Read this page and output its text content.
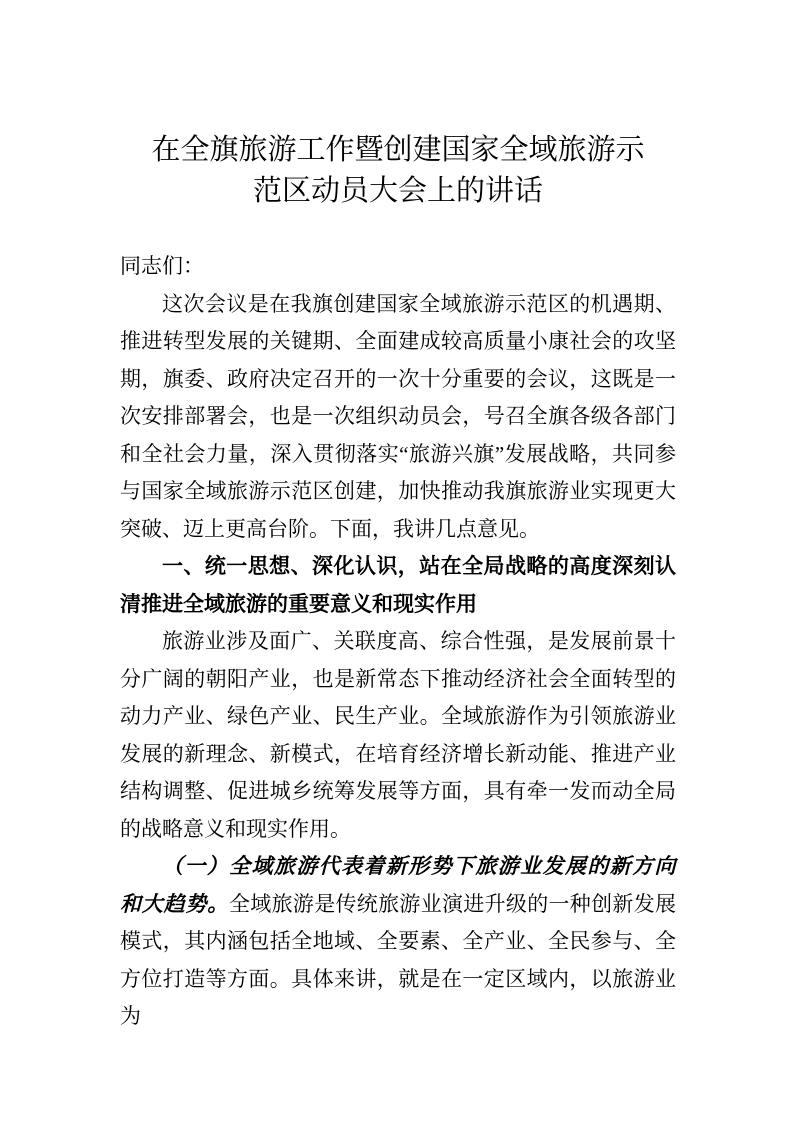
在全旗旅游工作暨创建国家全域旅游示范区动员大会上的讲话

同志们：

这次会议是在我旗创建国家全域旅游示范区的机遇期、推进转型发展的关键期、全面建成较高质量小康社会的攻坚期，旗委、政府决定召开的一次十分重要的会议，这既是一次安排部署会，也是一次组织动员会，号召全旗各级各部门和全社会力量，深入贯彻落实“旅游兴旗”发展战略，共同参与国家全域旅游示范区创建，加快推动我旗旅游业实现更大突破、迈上更高台阶。下面，我讲几点意见。

一、统一思想、深化认识，站在全局战略的高度深刻认清推进全域旅游的重要意义和现实作用

旅游业涉及面广、关联度高、综合性强，是发展前景十分广阔的朝阳产业，也是新常态下推动经济社会全面转型的动力产业、绿色产业、民生产业。全域旅游作为引领旅游业发展的新理念、新模式，在培育经济增长新动能、推进产业结构调整、促进城乡统筹发展等方面，具有牵一发而动全局的战略意义和现实作用。

（一）全域旅游代表着新形势下旅游业发展的新方向和大趋势。全域旅游是传统旅游业演进升级的一种创新发展模式，其内涵包括全地域、全要素、全产业、全民参与、全方位打造等方面。具体来讲，就是在一定区域内，以旅游业为
